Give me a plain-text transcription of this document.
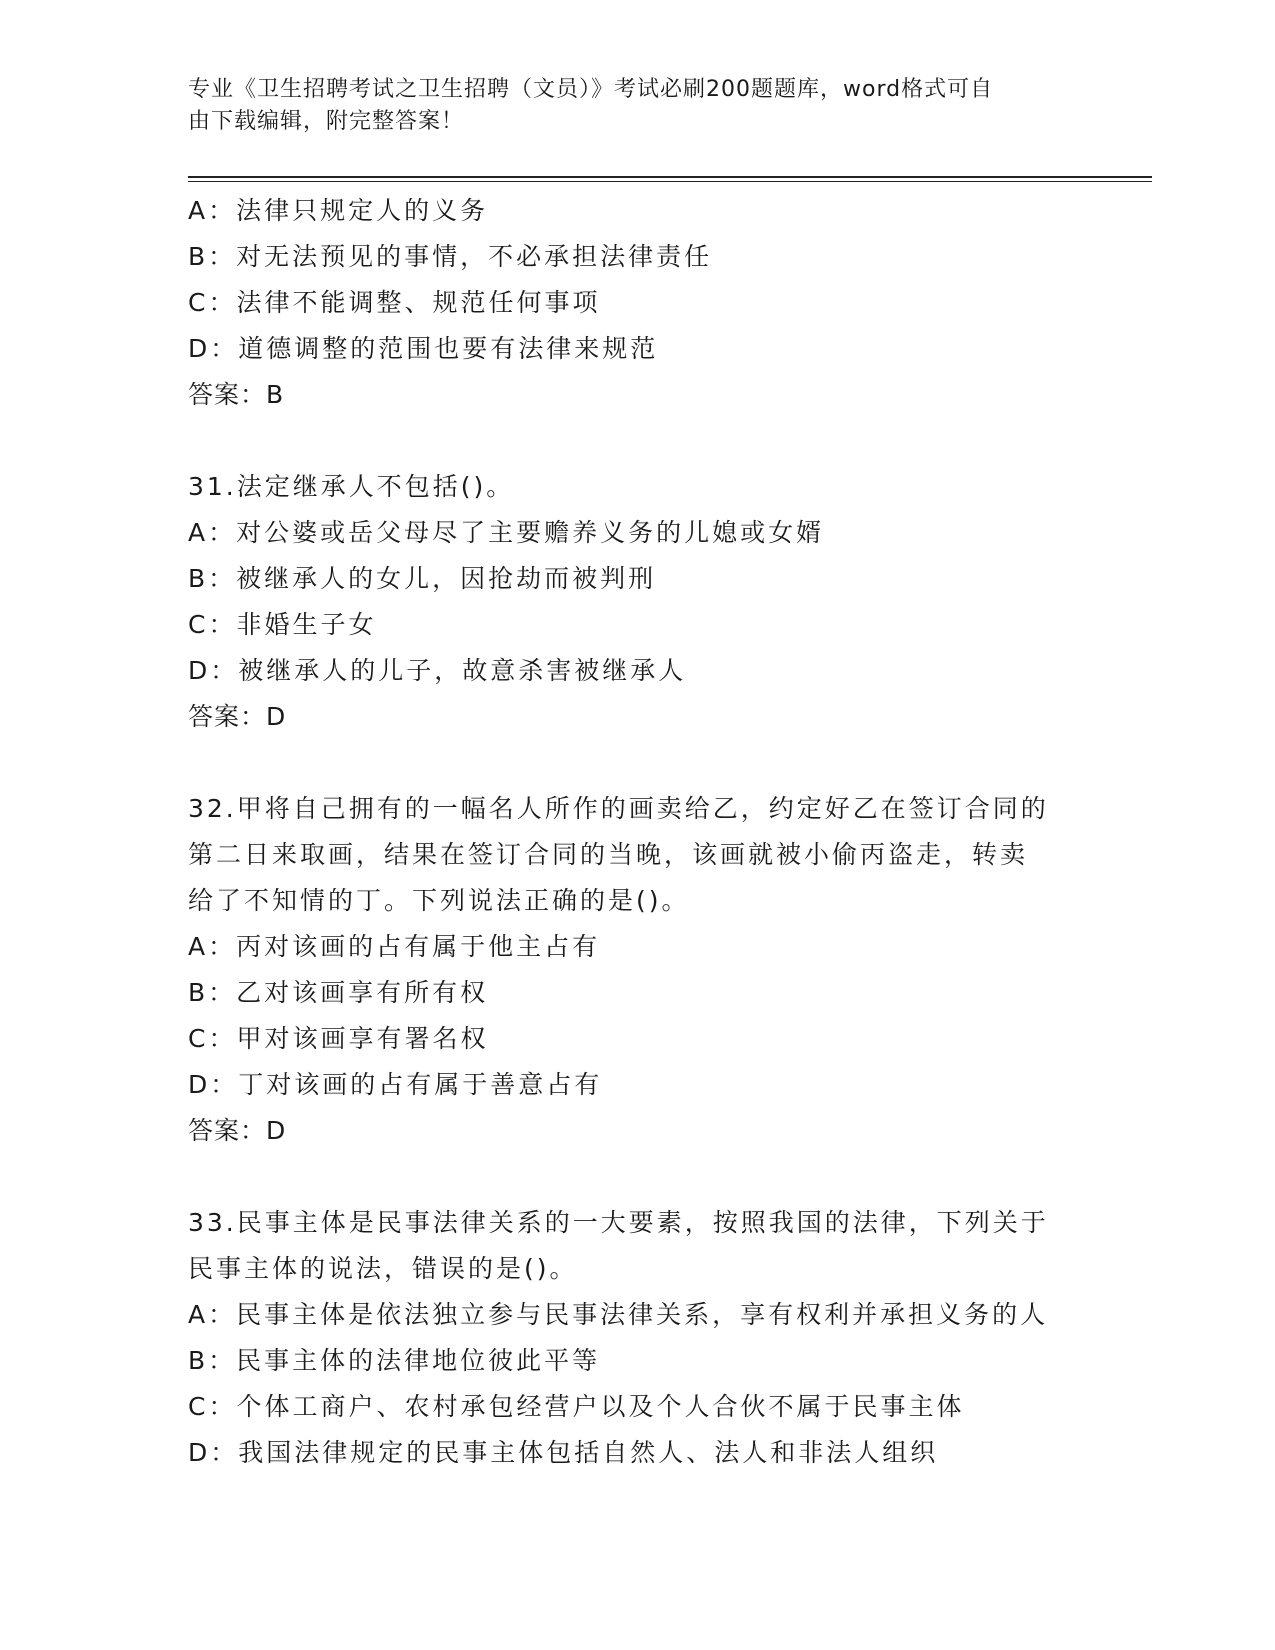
专业《卫生招聘考试之卫生招聘（文员）》考试必刷200题题库，word格式可自
由下载编辑，附完整答案！
A：法律只规定人的义务
B：对无法预见的事情，不必承担法律责任
C：法律不能调整、规范任何事项
D：道德调整的范围也要有法律来规范
答案：B
31.法定继承人不包括()。
A：对公婆或岳父母尽了主要赡养义务的儿媳或女婿
B：被继承人的女儿，因抢劫而被判刑
C：非婚生子女
D：被继承人的儿子，故意杀害被继承人
答案：D
32.甲将自己拥有的一幅名人所作的画卖给乙，约定好乙在签订合同的
第二日来取画，结果在签订合同的当晚，该画就被小偷丙盗走，转卖
给了不知情的丁。下列说法正确的是()。
A：丙对该画的占有属于他主占有
B：乙对该画享有所有权
C：甲对该画享有署名权
D：丁对该画的占有属于善意占有
答案：D
33.民事主体是民事法律关系的一大要素，按照我国的法律，下列关于
民事主体的说法，错误的是()。
A：民事主体是依法独立参与民事法律关系，享有权利并承担义务的人
B：民事主体的法律地位彼此平等
C：个体工商户、农村承包经营户以及个人合伙不属于民事主体
D：我国法律规定的民事主体包括自然人、法人和非法人组织
